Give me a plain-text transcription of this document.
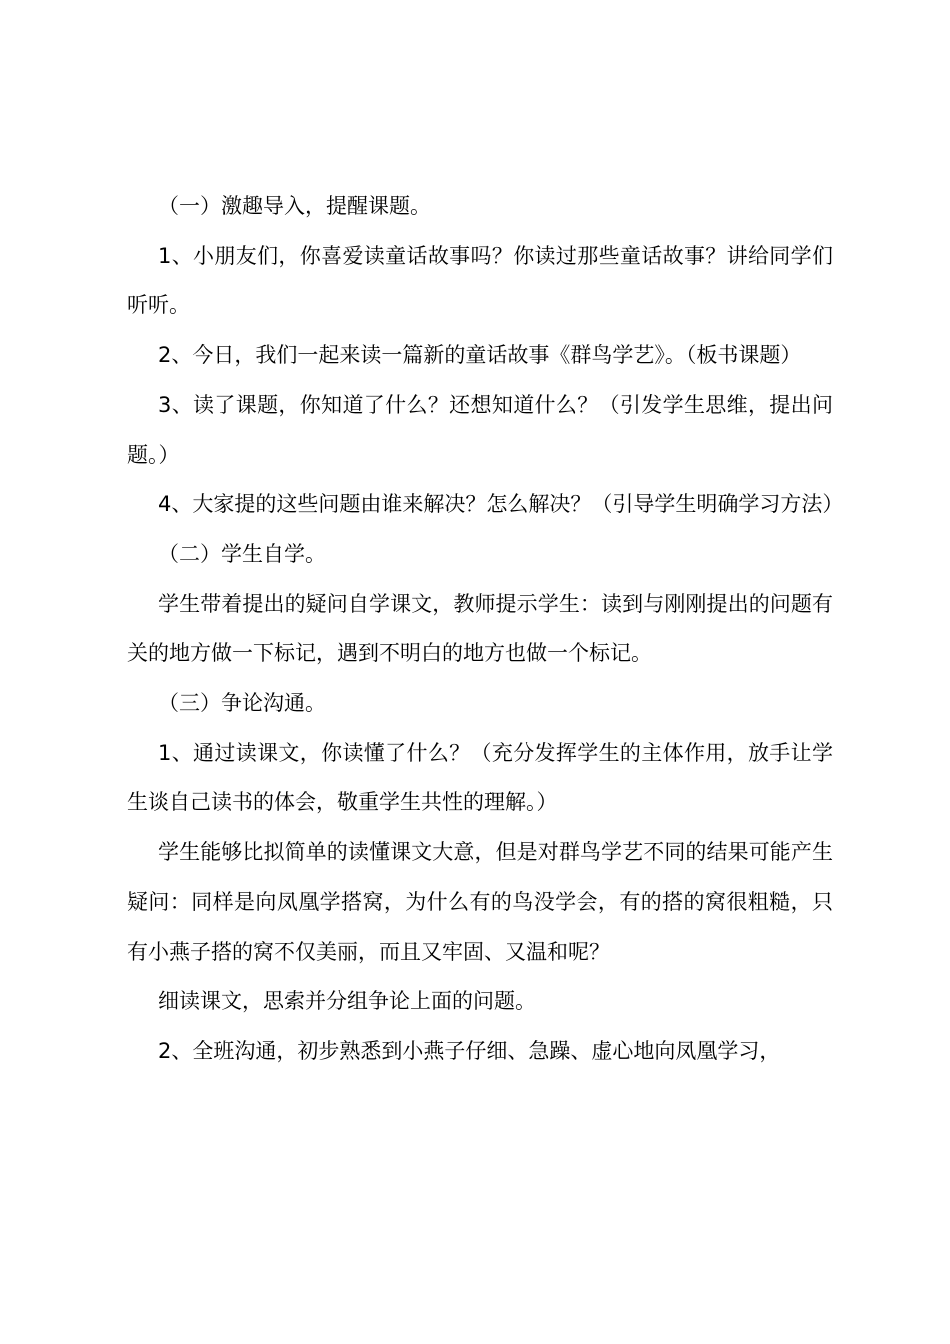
（一）激趣导入，提醒课题。

1、小朋友们，你喜爱读童话故事吗？你读过那些童话故事？讲给同学们听听。

2、今日，我们一起来读一篇新的童话故事《群鸟学艺》。（板书课题）

3、读了课题，你知道了什么？还想知道什么？（引发学生思维，提出问题。）

4、大家提的这些问题由谁来解决？怎么解决？（引导学生明确学习方法）

（二）学生自学。

学生带着提出的疑问自学课文，教师提示学生：读到与刚刚提出的问题有关的地方做一下标记，遇到不明白的地方也做一个标记。

（三）争论沟通。

1、通过读课文，你读懂了什么？（充分发挥学生的主体作用，放手让学生谈自己读书的体会，敬重学生共性的理解。）

学生能够比拟简单的读懂课文大意，但是对群鸟学艺不同的结果可能产生疑问：同样是向凤凰学搭窝，为什么有的鸟没学会，有的搭的窝很粗糙，只有小燕子搭的窝不仅美丽，而且又牢固、又温和呢？

细读课文，思索并分组争论上面的问题。

2、全班沟通，初步熟悉到小燕子仔细、急躁、虚心地向凤凰学习，
